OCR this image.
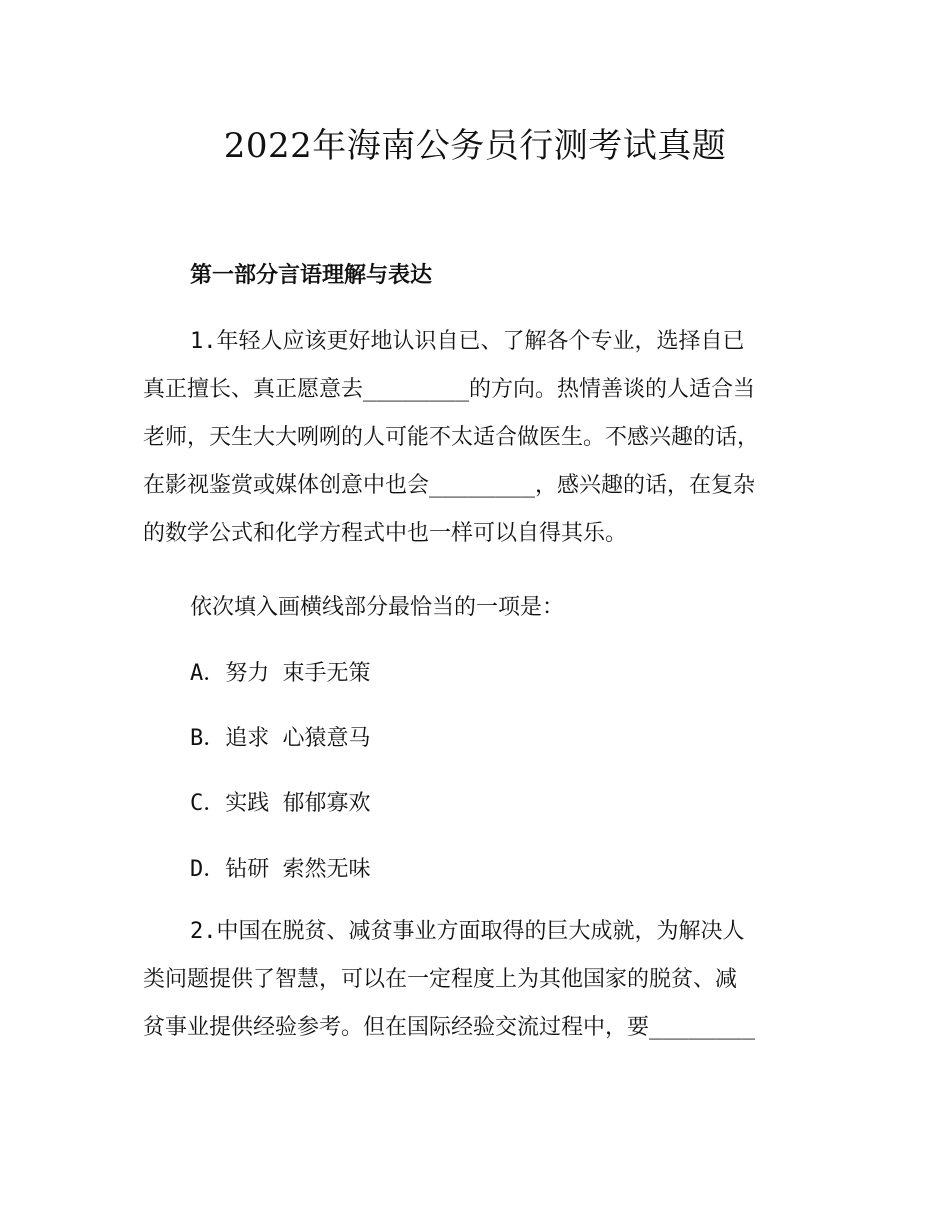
2022年海南公务员行测考试真题
第一部分言语理解与表达
1.年轻人应该更好地认识自已、了解各个专业，选择自已
真正擅长、真正愿意去________的方向。热情善谈的人适合当
老师，天生大大咧咧的人可能不太适合做医生。不感兴趣的话，
在影视鉴赏或媒体创意中也会________，感兴趣的话，在复杂
的数学公式和化学方程式中也一样可以自得其乐。

依次填入画横线部分最恰当的一项是：

A．努力 束手无策

B．追求 心猿意马

C．实践 郁郁寡欢

D．钻研 索然无味

2.中国在脱贫、减贫事业方面取得的巨大成就，为解决人
类问题提供了智慧，可以在一定程度上为其他国家的脱贫、减
贫事业提供经验参考。但在国际经验交流过程中，要________
